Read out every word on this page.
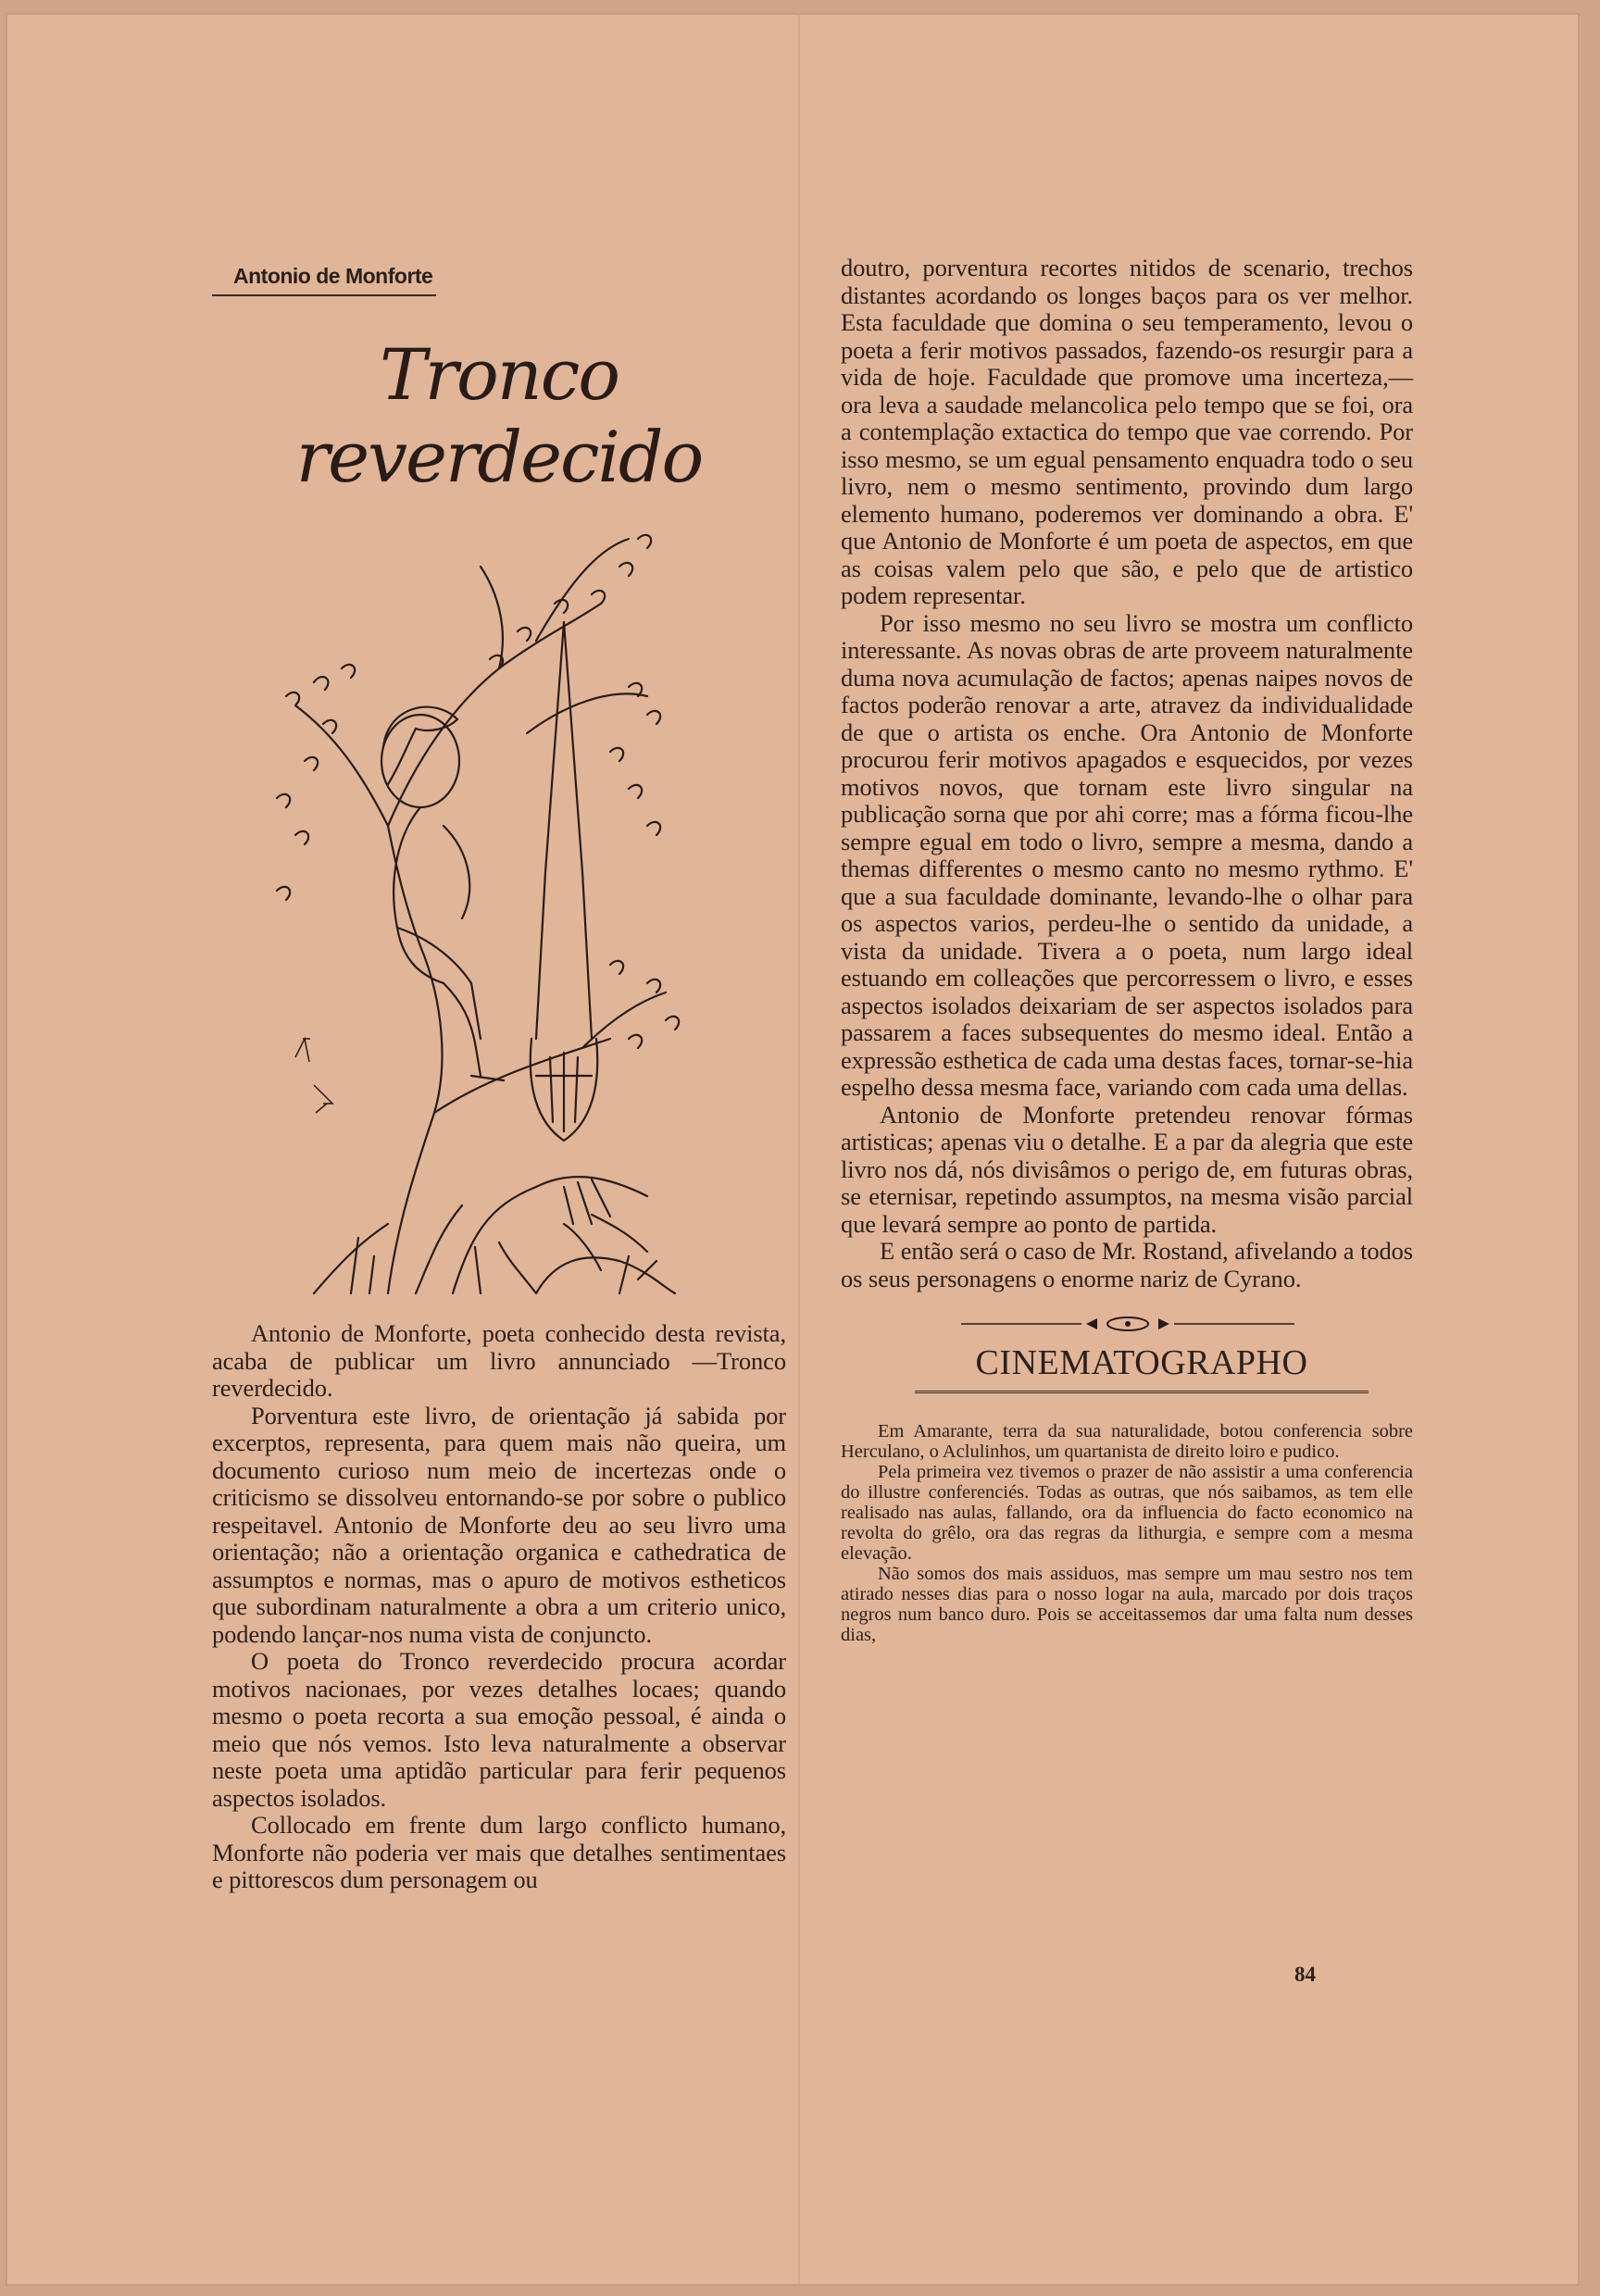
Antonio de Monforte
Tronco reverdecido

Antonio de Monforte, poeta conhecido desta revista, acaba de publicar um livro annunciado —Tronco reverdecido.

Porventura este livro, de orientação já sabida por excerptos, representa, para quem mais não queira, um documento curioso num meio de incertezas onde o criticismo se dissolveu entornando-se por sobre o publico respeitavel. Antonio de Monforte deu ao seu livro uma orientação; não a orientação organica e cathedratica de assumptos e normas, mas o apuro de motivos estheticos que subordinam naturalmente a obra a um criterio unico, podendo lançar-nos numa vista de conjuncto.

O poeta do Tronco reverdecido procura acordar motivos nacionaes, por vezes detalhes locaes; quando mesmo o poeta recorta a sua emoção pessoal, é ainda o meio que nós vemos. Isto leva naturalmente a observar neste poeta uma aptidão particular para ferir pequenos aspectos isolados.

Collocado em frente dum largo conflicto humano, Monforte não poderia ver mais que detalhes sentimentaes e pittorescos dum personagem ou

doutro, porventura recortes nitidos de scenario, trechos distantes acordando os longes baços para os ver melhor. Esta faculdade que domina o seu temperamento, levou o poeta a ferir motivos passados, fazendo-os resurgir para a vida de hoje. Faculdade que promove uma incerteza,— ora leva a saudade melancolica pelo tempo que se foi, ora a contemplação extactica do tempo que vae correndo. Por isso mesmo, se um egual pensamento enquadra todo o seu livro, nem o mesmo sentimento, provindo dum largo elemento humano, poderemos ver dominando a obra. E' que Antonio de Monforte é um poeta de aspectos, em que as coisas valem pelo que são, e pelo que de artistico podem representar.

Por isso mesmo no seu livro se mostra um conflicto interessante. As novas obras de arte proveem naturalmente duma nova acumulação de factos; apenas naipes novos de factos poderão renovar a arte, atravez da individualidade de que o artista os enche. Ora Antonio de Monforte procurou ferir motivos apagados e esquecidos, por vezes motivos novos, que tornam este livro singular na publicação sorna que por ahi corre; mas a fórma ficou-lhe sempre egual em todo o livro, sempre a mesma, dando a themas differentes o mesmo canto no mesmo rythmo. E' que a sua faculdade dominante, levando-lhe o olhar para os aspectos varios, perdeu-lhe o sentido da unidade, a vista da unidade. Tivera a o poeta, num largo ideal estuando em colleações que percorressem o livro, e esses aspectos isolados deixariam de ser aspectos isolados para passarem a faces subsequentes do mesmo ideal. Então a expressão esthetica de cada uma destas faces, tornar-se-hia espelho dessa mesma face, variando com cada uma dellas.

Antonio de Monforte pretendeu renovar fórmas artisticas; apenas viu o detalhe. E a par da alegria que este livro nos dá, nós divisâmos o perigo de, em futuras obras, se eternisar, repetindo assumptos, na mesma visão parcial que levará sempre ao ponto de partida.

E então será o caso de Mr. Rostand, afivelando a todos os seus personagens o enorme nariz de Cyrano.

CINEMATOGRAPHO

Em Amarante, terra da sua naturalidade, botou conferencia sobre Herculano, o Aclulinhos, um quartanista de direito loiro e pudico.

Pela primeira vez tivemos o prazer de não assistir a uma conferencia do illustre conferenciés. Todas as outras, que nós saibamos, as tem elle realisado nas aulas, fallando, ora da influencia do facto economico na revolta do grêlo, ora das regras da lithurgia, e sempre com a mesma elevação.

Não somos dos mais assiduos, mas sempre um mau sestro nos tem atirado nesses dias para o nosso logar na aula, marcado por dois traços negros num banco duro. Pois se acceitassemos dar uma falta num desses dias,

84
